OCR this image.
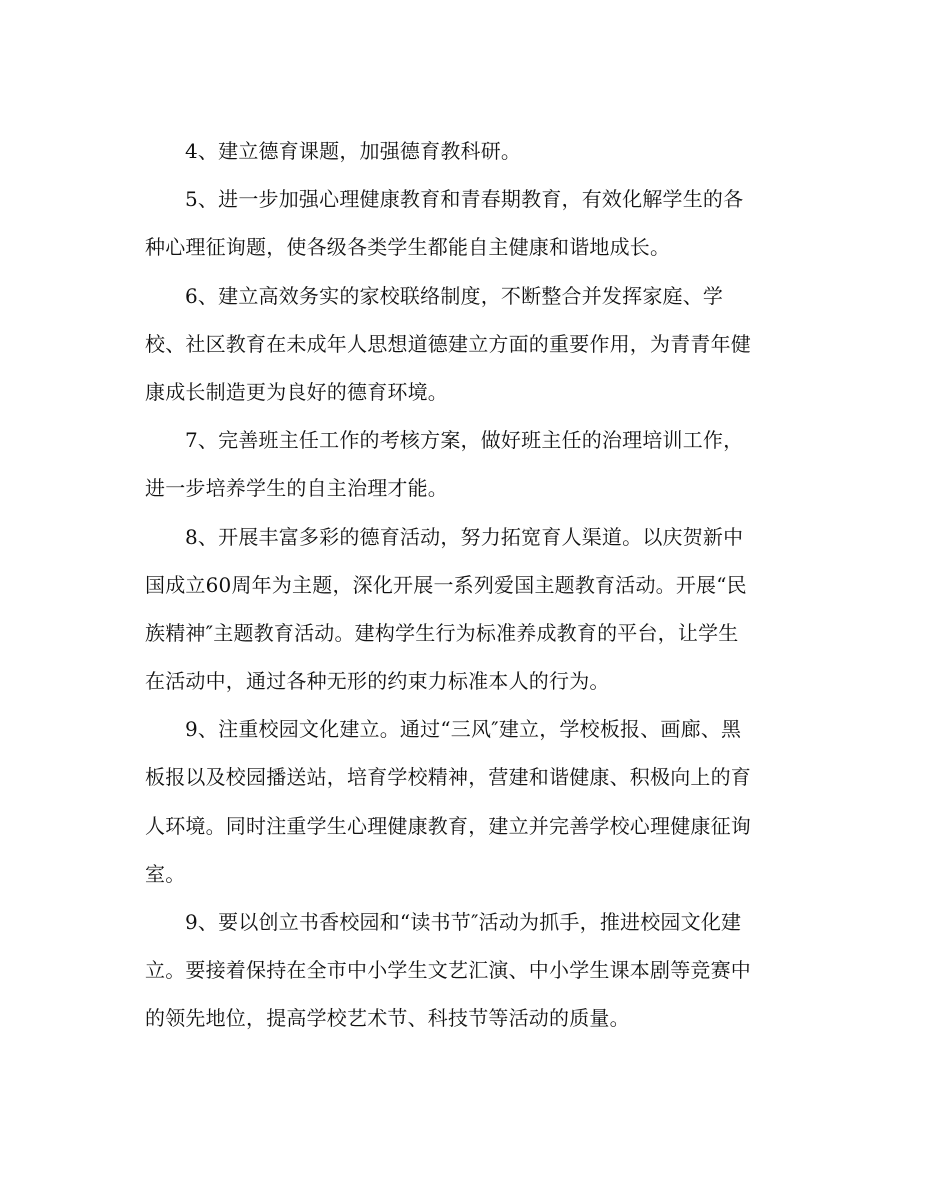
4、建立德育课题，加强德育教科研。
5、进一步加强心理健康教育和青春期教育，有效化解学生的各
种心理征询题，使各级各类学生都能自主健康和谐地成长。
6、建立高效务实的家校联络制度，不断整合并发挥家庭、学
校、社区教育在未成年人思想道德建立方面的重要作用，为青青年健
康成长制造更为良好的德育环境。
7、完善班主任工作的考核方案，做好班主任的治理培训工作，
进一步培养学生的自主治理才能。
8、开展丰富多彩的德育活动，努力拓宽育人渠道。以庆贺新中
国成立60周年为主题，深化开展一系列爱国主题教育活动。开展“民
族精神″主题教育活动。建构学生行为标准养成教育的平台，让学生
在活动中，通过各种无形的约束力标准本人的行为。
9、注重校园文化建立。通过“三风″建立，学校板报、画廊、黑
板报以及校园播送站，培育学校精神，营建和谐健康、积极向上的育
人环境。同时注重学生心理健康教育，建立并完善学校心理健康征询
室。
9、要以创立书香校园和“读书节″活动为抓手，推进校园文化建
立。要接着保持在全市中小学生文艺汇演、中小学生课本剧等竞赛中
的领先地位，提高学校艺术节、科技节等活动的质量。
